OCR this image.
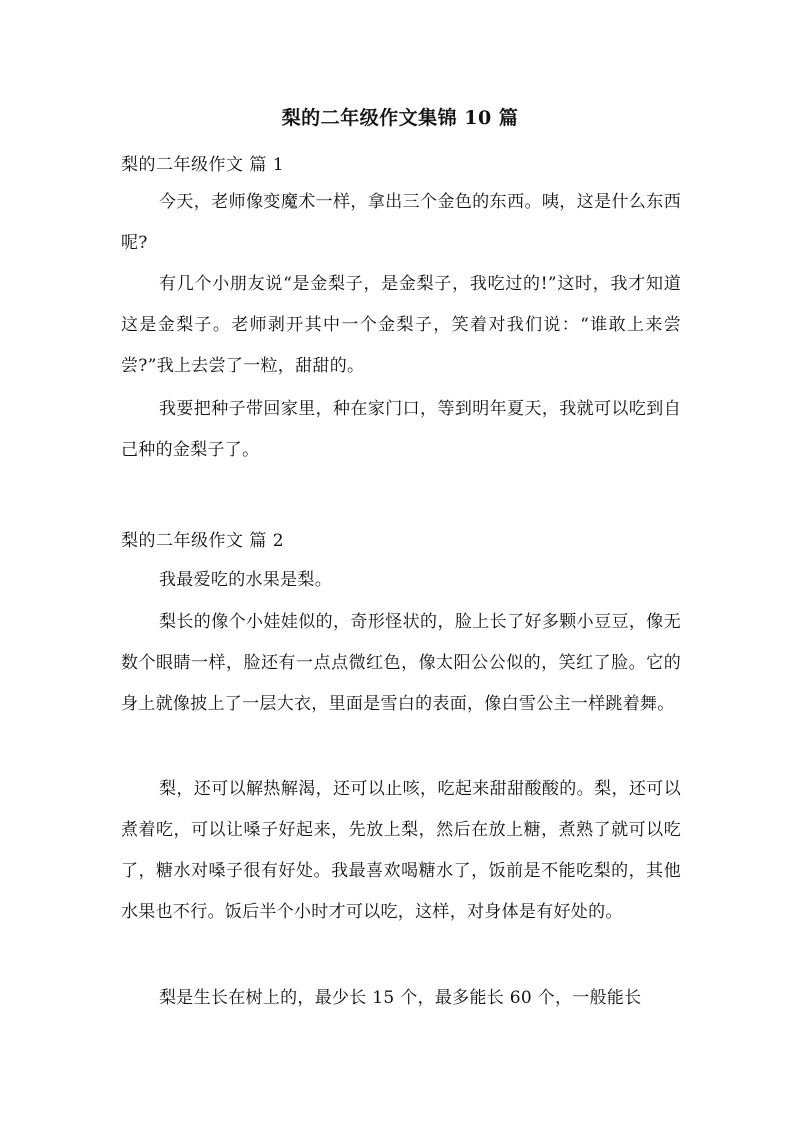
梨的二年级作文集锦 10 篇
梨的二年级作文 篇 1
今天，老师像变魔术一样，拿出三个金色的东西。咦，这是什么东西呢?
有几个小朋友说“是金梨子，是金梨子，我吃过的!”这时，我才知道这是金梨子。老师剥开其中一个金梨子，笑着对我们说：“谁敢上来尝尝?”我上去尝了一粒，甜甜的。
我要把种子带回家里，种在家门口，等到明年夏天，我就可以吃到自己种的金梨子了。
梨的二年级作文 篇 2
我最爱吃的水果是梨。
梨长的像个小娃娃似的，奇形怪状的，脸上长了好多颗小豆豆，像无数个眼睛一样，脸还有一点点微红色，像太阳公公似的，笑红了脸。它的身上就像披上了一层大衣，里面是雪白的表面，像白雪公主一样跳着舞。
梨，还可以解热解渴，还可以止咳，吃起来甜甜酸酸的。梨，还可以煮着吃，可以让嗓子好起来，先放上梨，然后在放上糖，煮熟了就可以吃了，糖水对嗓子很有好处。我最喜欢喝糖水了，饭前是不能吃梨的，其他水果也不行。饭后半个小时才可以吃，这样，对身体是有好处的。
梨是生长在树上的，最少长 15 个，最多能长 60 个，一般能长
